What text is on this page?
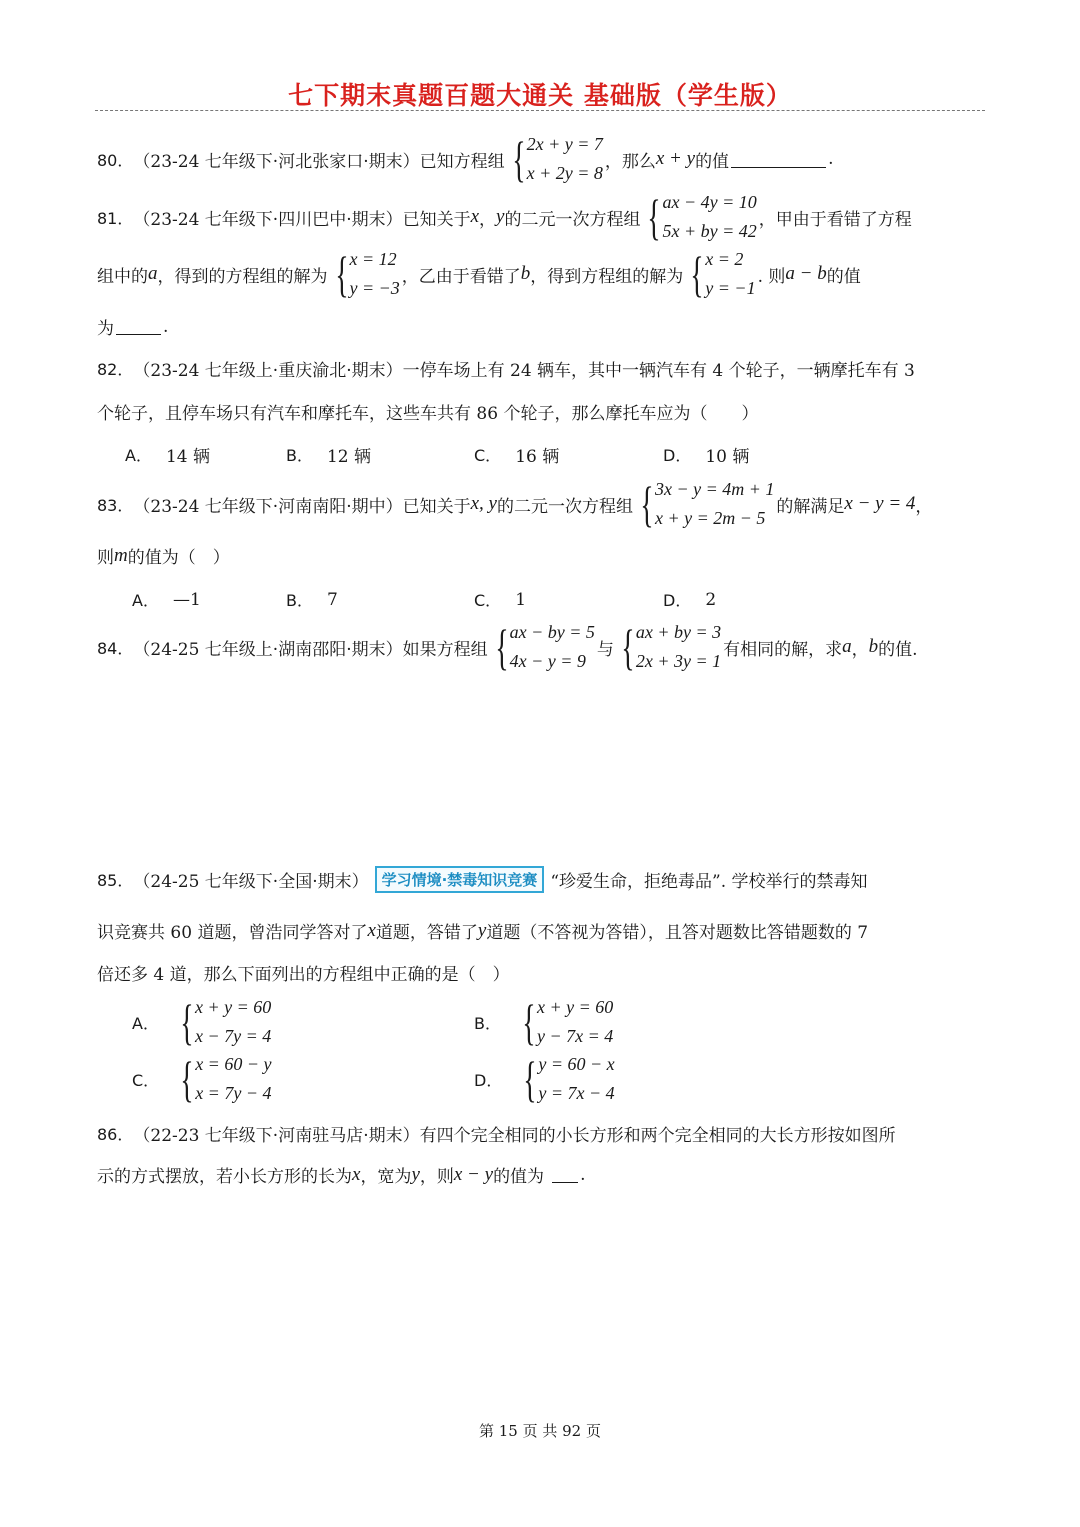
七下期末真题百题大通关 基础版（学生版）
80． （23-24 七年级下·河北张家口·期末） 已知方程组 { 2x + y = 7
x + 2y = 8
，那么 x + y 的值	.
81． （23-24 七年级下·四川巴中·期末） 已知关于 x ， y 的二元一次方程组 { ax − 4y = 10
5x + by = 42
，甲由于看错了方程
组中的 a ，得到的方程组的解为 { x = 12
y = −3
，乙由于看错了 b ，得到方程组的解为 { x = 2
y = −1
. 则 a − b 的值
为	.
82． （23-24 七年级上·重庆渝北·期末） 一停车场上有 24 辆车，其中一辆汽车有 4 个轮子，一辆摩托车有 3
个轮子，且停车场只有汽车和摩托车，这些车共有 86 个轮子，那么摩托车应为（　　）
A． 14 辆	B． 12 辆	C． 16 辆	D． 10 辆
83． （23-24 七年级下·河南南阳·期中） 已知关于 x, y 的二元一次方程组 { 3x − y = 4m + 1
x + y = 2m − 5
的解满足 x − y = 4 ，
则 m 的值为（　）
A． —1	B． 7	C． 1	D． 2
84． （24-25 七年级上·湖南邵阳·期末） 如果方程组 { ax − by = 5
4x − y = 9
与 { ax + by = 3
2x + 3y = 1
有相同的解，求 a ， b 的值.
85． （24-25 七年级下·全国·期末） 学习情境·禁毒知识竞赛 “珍爱生命，拒绝毒品”. 学校举行的禁毒知
识竞赛共 60 道题，曾浩同学答对了 x 道题，答错了 y 道题（不答视为答错），且答对题数比答错题数的 7
倍还多 4 道，那么下面列出的方程组中正确的是（　）
A． { x + y = 60
x − 7y = 4
B． { x + y = 60
y − 7x = 4
C． { x = 60 − y
x = 7y − 4
D． { y = 60 − x
y = 7x − 4
86． （22-23 七年级下·河南驻马店·期末） 有四个完全相同的小长方形和两个完全相同的大长方形按如图所
示的方式摆放，若小长方形的长为 x ，宽为 y ，则 x − y 的值为 .
第 15 页 共 92 页
